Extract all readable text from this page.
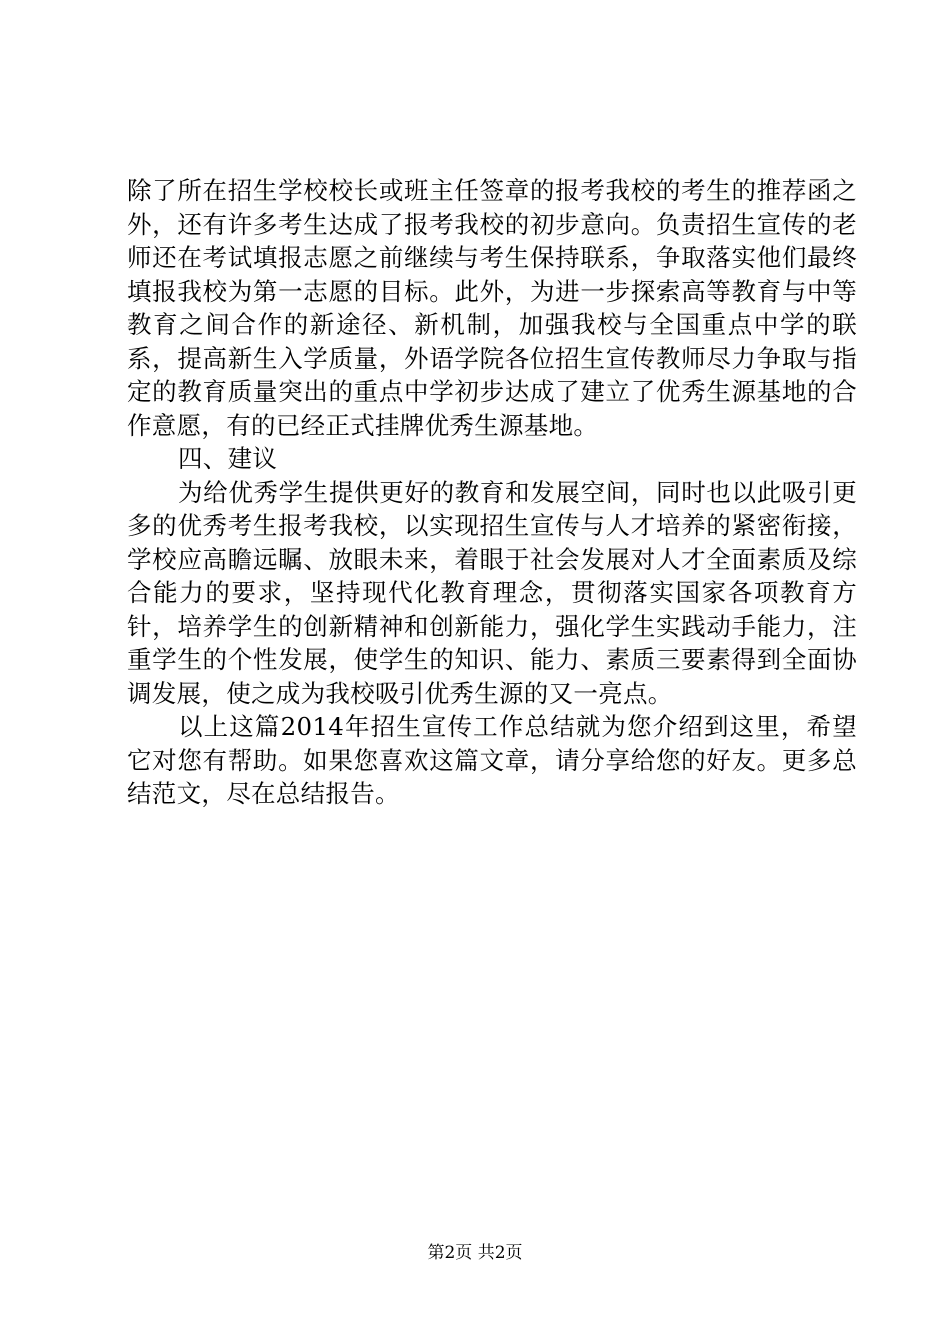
除了所在招生学校校长或班主任签章的报考我校的考生的推荐函之外，还有许多考生达成了报考我校的初步意向。负责招生宣传的老师还在考试填报志愿之前继续与考生保持联系，争取落实他们最终填报我校为第一志愿的目标。此外，为进一步探索高等教育与中等教育之间合作的新途径、新机制，加强我校与全国重点中学的联系，提高新生入学质量，外语学院各位招生宣传教师尽力争取与指定的教育质量突出的重点中学初步达成了建立了优秀生源基地的合作意愿，有的已经正式挂牌优秀生源基地。

四、建议

为给优秀学生提供更好的教育和发展空间，同时也以此吸引更多的优秀考生报考我校，以实现招生宣传与人才培养的紧密衔接，学校应高瞻远瞩、放眼未来，着眼于社会发展对人才全面素质及综合能力的要求，坚持现代化教育理念，贯彻落实国家各项教育方针，培养学生的创新精神和创新能力，强化学生实践动手能力，注重学生的个性发展，使学生的知识、能力、素质三要素得到全面协调发展，使之成为我校吸引优秀生源的又一亮点。

以上这篇2014年招生宣传工作总结就为您介绍到这里，希望它对您有帮助。如果您喜欢这篇文章，请分享给您的好友。更多总结范文，尽在总结报告。

第2页 共2页
